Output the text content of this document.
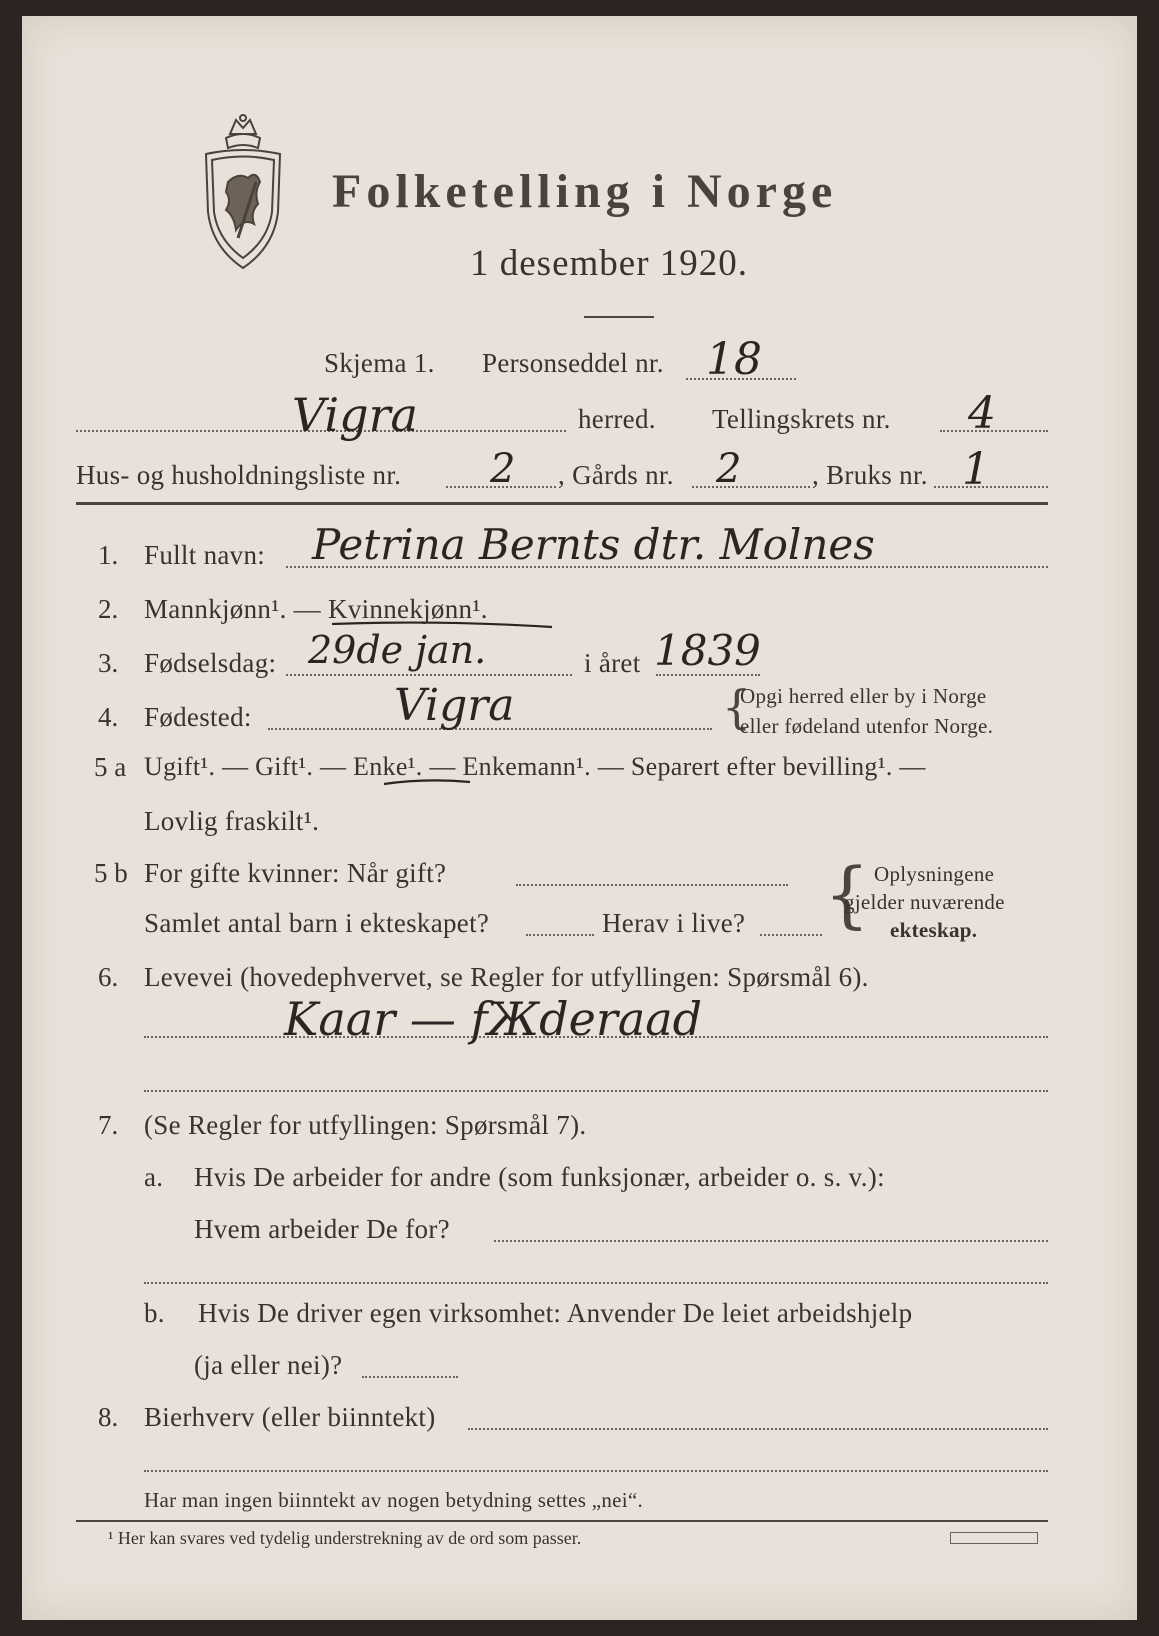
Folketelling i Norge
1 desember 1920.
Skjema 1. Personseddel nr. 18
Vigra	herred. Tellingskrets nr. 4
Hus- og husholdningsliste nr. 2 , Gårds nr. 2	, Bruks nr. 1
1. Fullt navn: Petrina Bernts dtr. Molnes
2. Mannkjønn¹. — Kvinnekjønn¹.
3. Fødselsdag: 29de jan.	i året 1839
4. Fødested:	Vigra	{
Opgi herred eller by i Norge
eller fødeland utenfor Norge.
5 a Ugift¹. — Gift¹. — Enke¹. — Enkemann¹. — Separert efter bevilling¹. —
Lovlig fraskilt¹.
5 b For gifte kvinner: Når gift?
Samlet antal barn i ekteskapet?	Herav i live? { Oplysningene
gjelder nuværende
ekteskap.
6. Levevei (hovedерhvervet, se Regler for utfyllingen: Spørsmål 6).
Kaar — fЖderaad
7. (Se Regler for utfyllingen: Spørsmål 7).
a. Hvis De arbeider for andre (som funksjonær, arbeider o. s. v.):
Hvem arbeider De for?
b. Hvis De driver egen virksomhet: Anvender De leiet arbeidshjelp
(ja eller nei)?
8. Bierhverv (eller biinntekt)
Har man ingen biinntekt av nogen betydning settes „nei“.
¹ Her kan svares ved tydelig understrekning av de ord som passer.
